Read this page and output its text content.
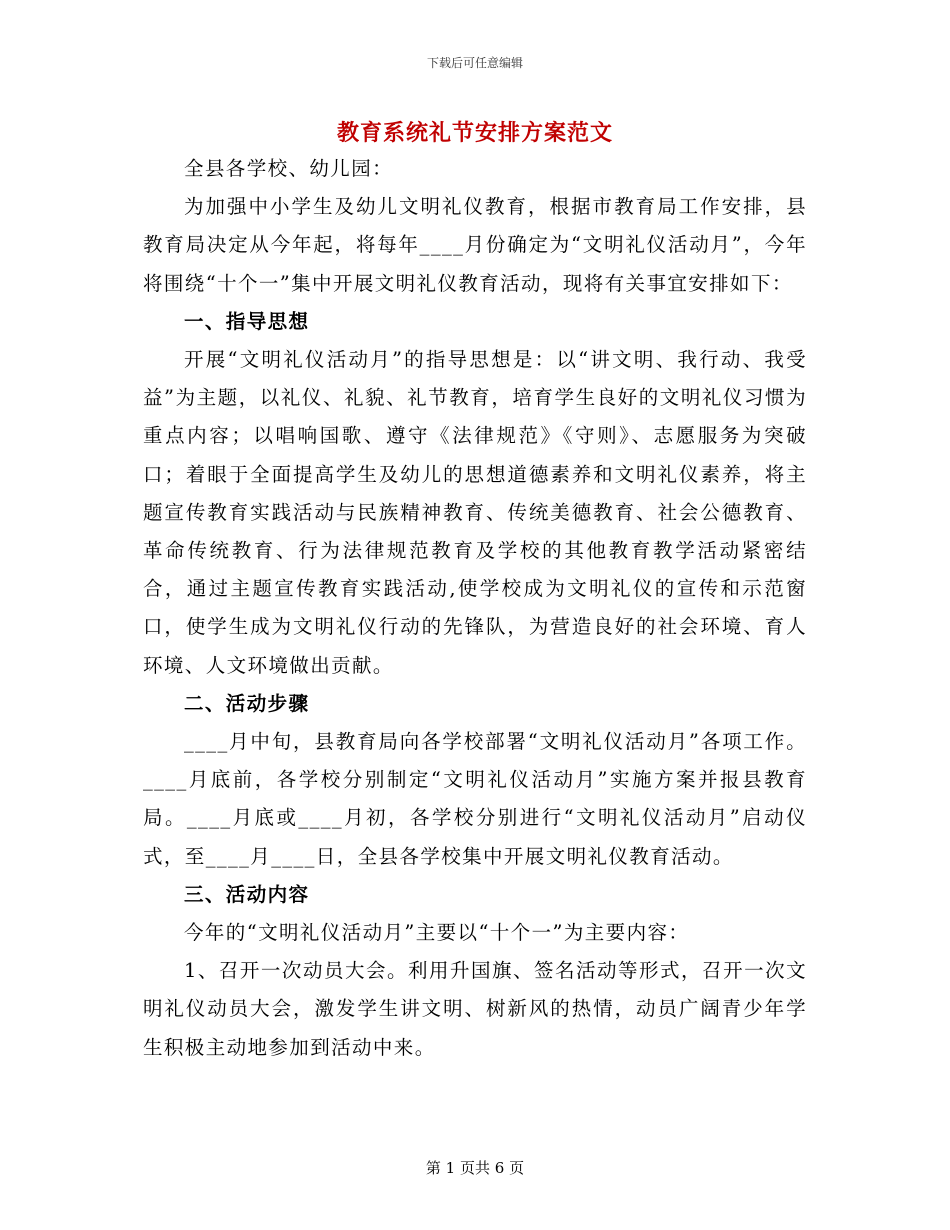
下载后可任意编辑
教育系统礼节安排方案范文

全县各学校、幼儿园：

为加强中小学生及幼儿文明礼仪教育，根据市教育局工作安排，县教育局决定从今年起，将每年____月份确定为“文明礼仪活动月”，今年将围绕“十个一”集中开展文明礼仪教育活动，现将有关事宜安排如下：

一、指导思想

开展“文明礼仪活动月”的指导思想是：以“讲文明、我行动、我受益”为主题，以礼仪、礼貌、礼节教育，培育学生良好的文明礼仪习惯为重点内容；以唱响国歌、遵守《法律规范》《守则》、志愿服务为突破口；着眼于全面提高学生及幼儿的思想道德素养和文明礼仪素养，将主题宣传教育实践活动与民族精神教育、传统美德教育、社会公德教育、革命传统教育、行为法律规范教育及学校的其他教育教学活动紧密结合，通过主题宣传教育实践活动,使学校成为文明礼仪的宣传和示范窗口，使学生成为文明礼仪行动的先锋队，为营造良好的社会环境、育人环境、人文环境做出贡献。

二、活动步骤

____月中旬，县教育局向各学校部署“文明礼仪活动月”各项工作。____月底前，各学校分别制定“文明礼仪活动月”实施方案并报县教育局。____月底或____月初，各学校分别进行“文明礼仪活动月”启动仪式，至____月____日，全县各学校集中开展文明礼仪教育活动。

三、活动内容

今年的“文明礼仪活动月”主要以“十个一”为主要内容：

1、召开一次动员大会。利用升国旗、签名活动等形式，召开一次文明礼仪动员大会，激发学生讲文明、树新风的热情，动员广阔青少年学生积极主动地参加到活动中来。

第 1 页共 6 页
